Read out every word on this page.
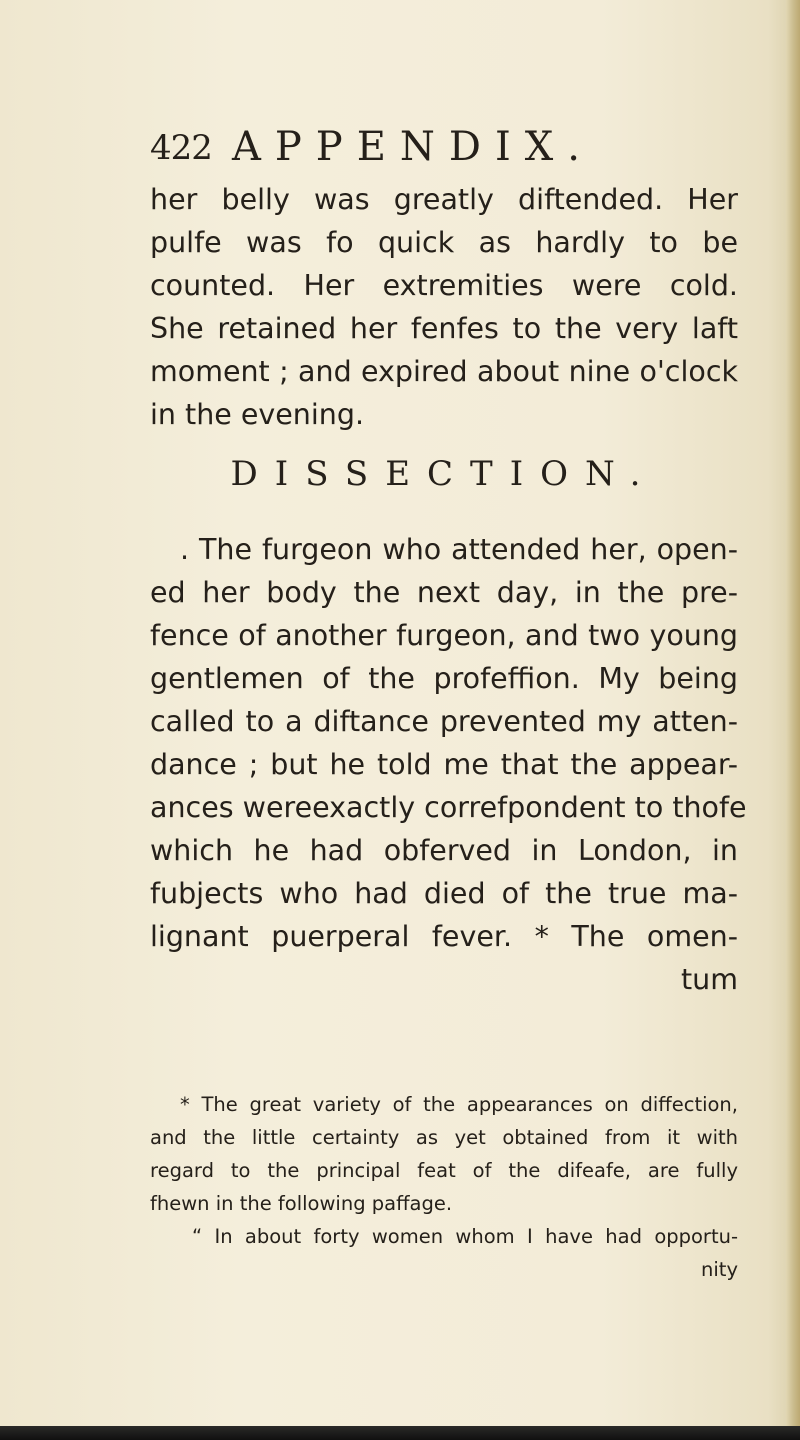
422 APPENDIX.
her belly was greatly diftended. Her
pulfe was fo quick as hardly to be
counted. Her extremities were cold.
She retained her fenfes to the very laft
moment ; and expired about nine o'clock
in the evening.
DISSECTION.
. The furgeon who attended her, open-
ed her body the next day, in the pre-
fence of another furgeon, and two young
gentlemen of the profeffion. My being
called to a diftance prevented my atten-
dance ; but he told me that the appear-
ances wereexactly correfpondent to thofe
which he had obferved in London, in
fubjects who had died of the true ma-
lignant puerperal fever. * The omen-
tum
* The great variety of the appearances on diffection,
and the little certainty as yet obtained from it with
regard to the principal feat of the difeafe, are fully
fhewn in the following paffage.
“ In about forty women whom I have had opportu-
nity
